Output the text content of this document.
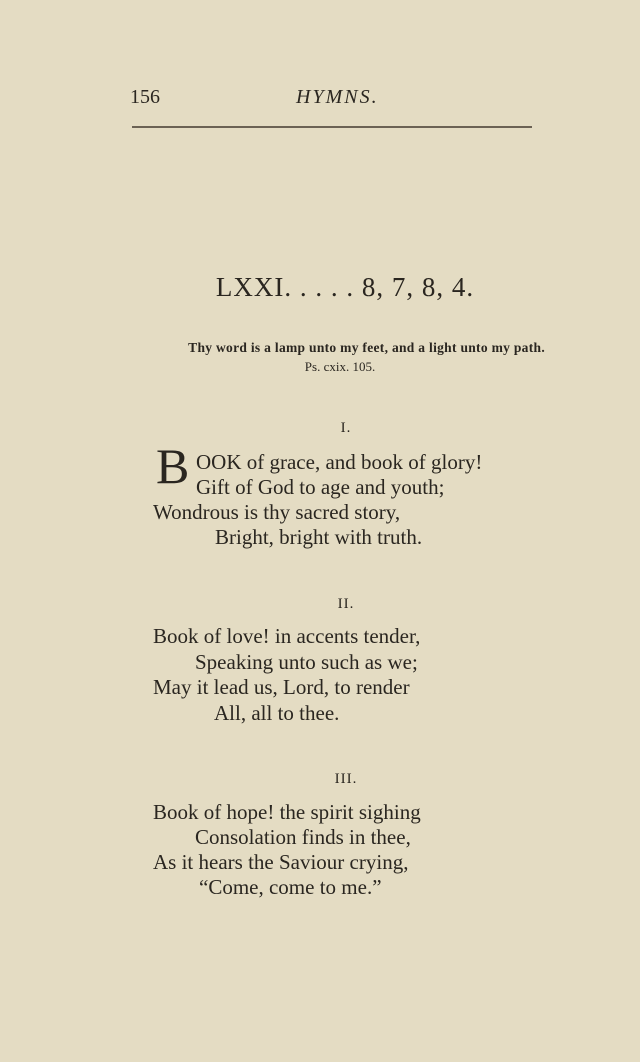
156	HYMNS.
LXXI. . . . . 8, 7, 8, 4.
Thy word is a lamp unto my feet, and a light unto my path.
Ps. cxix. 105.
I.
B OOK of grace, and book of glory!
Gift of God to age and youth;
Wondrous is thy sacred story,
Bright, bright with truth.
II.
Book of love! in accents tender,
Speaking unto such as we;
May it lead us, Lord, to render
All, all to thee.
III.
Book of hope! the spirit sighing
Consolation finds in thee,
As it hears the Saviour crying,
“Come, come to me.”
